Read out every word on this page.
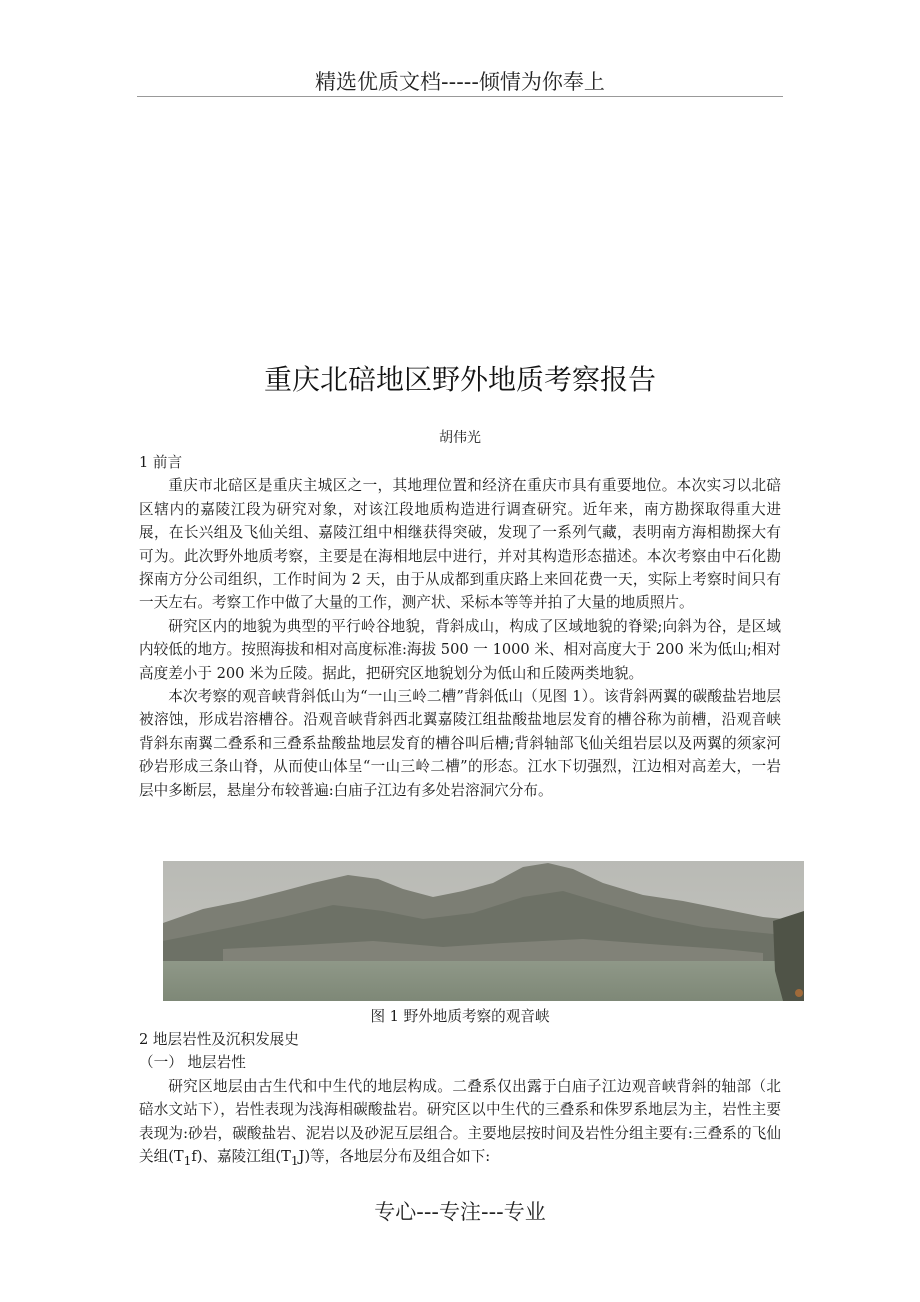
精选优质文档-----倾情为你奉上
重庆北碚地区野外地质考察报告
胡伟光

1 前言

重庆市北碚区是重庆主城区之一，其地理位置和经济在重庆市具有重要地位。本次实习以北碚区辖内的嘉陵江段为研究对象，对该江段地质构造进行调查研究。近年来，南方勘探取得重大进展，在长兴组及飞仙关组、嘉陵江组中相继获得突破，发现了一系列气藏，表明南方海相勘探大有可为。此次野外地质考察，主要是在海相地层中进行，并对其构造形态描述。本次考察由中石化勘探南方分公司组织，工作时间为 2 天，由于从成都到重庆路上来回花费一天，实际上考察时间只有一天左右。考察工作中做了大量的工作，测产状、采标本等等并拍了大量的地质照片。

研究区内的地貌为典型的平行岭谷地貌，背斜成山，构成了区域地貌的脊梁;向斜为谷，是区域内较低的地方。按照海拔和相对高度标准:海拔 500 一 1000 米、相对高度大于 200 米为低山;相对高度差小于 200 米为丘陵。据此，把研究区地貌划分为低山和丘陵两类地貌。

本次考察的观音峡背斜低山为“一山三岭二槽”背斜低山（见图 1）。该背斜两翼的碳酸盐岩地层被溶蚀，形成岩溶槽谷。沿观音峡背斜西北翼嘉陵江组盐酸盐地层发育的槽谷称为前槽，沿观音峡背斜东南翼二叠系和三叠系盐酸盐地层发育的槽谷叫后槽;背斜轴部飞仙关组岩层以及两翼的须家河砂岩形成三条山脊，从而使山体呈“一山三岭二槽”的形态。江水下切强烈，江边相对高差大，一岩层中多断层，悬崖分布较普遍:白庙子江边有多处岩溶洞穴分布。

图 1 野外地质考察的观音峡

2 地层岩性及沉积发展史

（一） 地层岩性

研究区地层由古生代和中生代的地层构成。二叠系仅出露于白庙子江边观音峡背斜的轴部（北碚水文站下），岩性表现为浅海相碳酸盐岩。研究区以中生代的三叠系和侏罗系地层为主，岩性主要表现为:砂岩，碳酸盐岩、泥岩以及砂泥互层组合。主要地层按时间及岩性分组主要有:三叠系的飞仙关组$(T_1f)$、嘉陵江组$(T_1J)$等，各地层分布及组合如下:

专心---专注---专业
